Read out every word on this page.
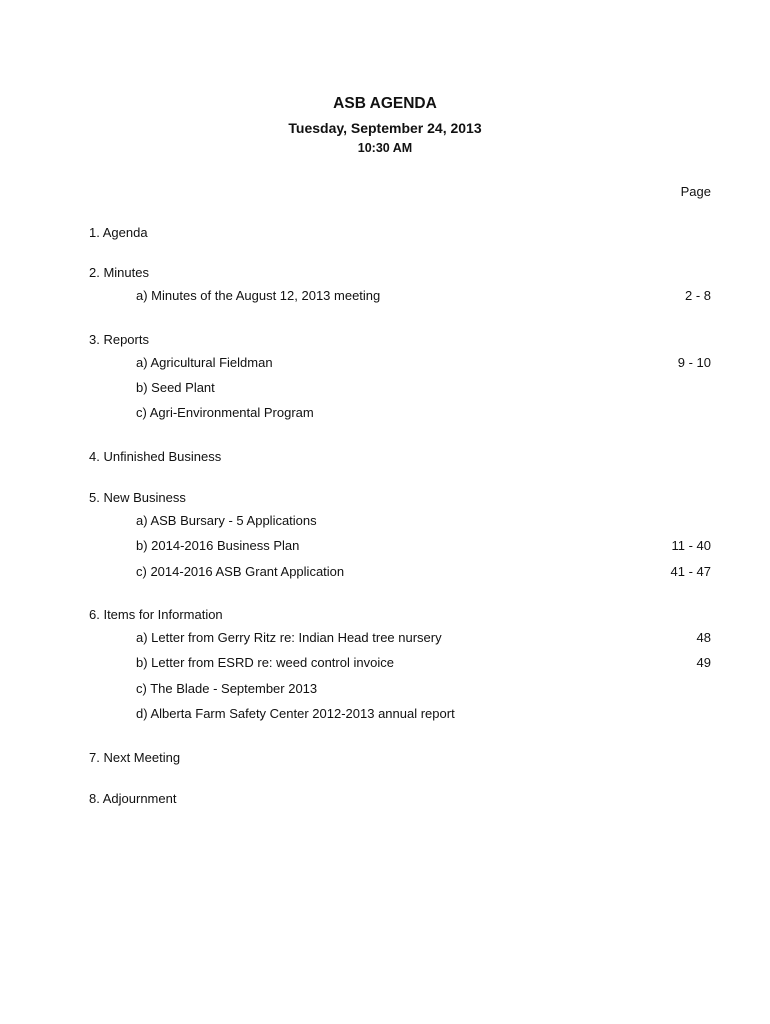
ASB AGENDA
Tuesday, September 24, 2013
10:30 AM
Page
1. Agenda
2. Minutes
a) Minutes of the August 12, 2013 meeting	2 - 8
3. Reports
a) Agricultural Fieldman	9 - 10
b) Seed Plant
c) Agri-Environmental Program
4. Unfinished Business
5. New Business
a) ASB Bursary - 5 Applications
b) 2014-2016 Business Plan	11 - 40
c) 2014-2016 ASB Grant Application	41 - 47
6. Items for Information
a) Letter from Gerry Ritz re: Indian Head tree nursery	48
b) Letter from ESRD re: weed control invoice	49
c) The Blade - September 2013
d) Alberta Farm Safety Center 2012-2013 annual report
7. Next Meeting
8. Adjournment
